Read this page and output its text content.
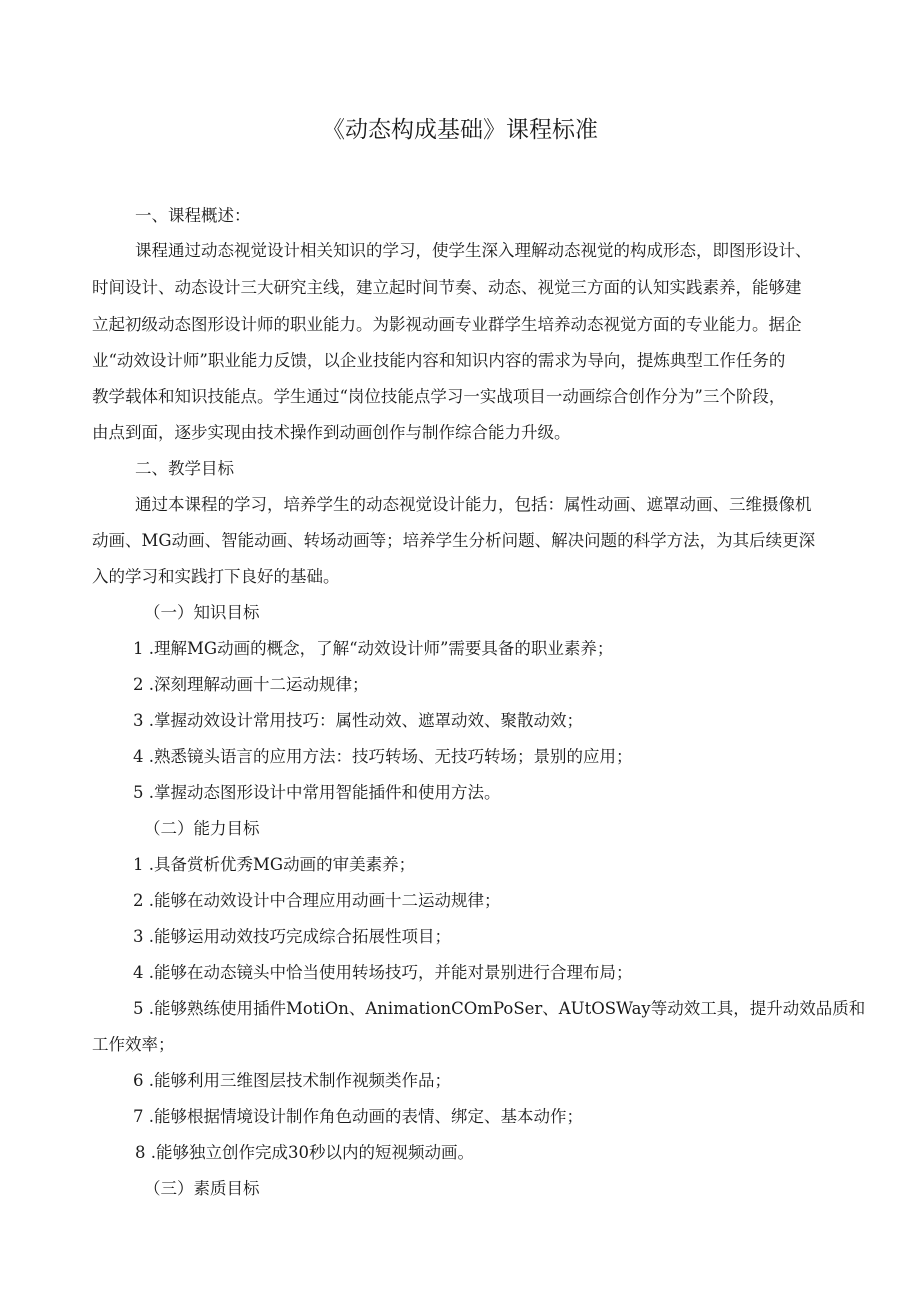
《动态构成基础》课程标准

一、课程概述：

课程通过动态视觉设计相关知识的学习，使学生深入理解动态视觉的构成形态，即图形设计、

时间设计、动态设计三大研究主线，建立起时间节奏、动态、视觉三方面的认知实践素养，能够建

立起初级动态图形设计师的职业能力。为影视动画专业群学生培养动态视觉方面的专业能力。据企

业“动效设计师”职业能力反馈，以企业技能内容和知识内容的需求为导向，提炼典型工作任务的

教学载体和知识技能点。学生通过“岗位技能点学习一实战项目一动画综合创作分为”三个阶段，

由点到面，逐步实现由技术操作到动画创作与制作综合能力升级。

二、教学目标

通过本课程的学习，培养学生的动态视觉设计能力，包括：属性动画、遮罩动画、三维摄像机

动画、MG动画、智能动画、转场动画等；培养学生分析问题、解决问题的科学方法，为其后续更深

入的学习和实践打下良好的基础。

（一）知识目标

1 .理解MG动画的概念，了解“动效设计师”需要具备的职业素养；

2 .深刻理解动画十二运动规律；

3 .掌握动效设计常用技巧：属性动效、遮罩动效、聚散动效；

4 .熟悉镜头语言的应用方法：技巧转场、无技巧转场；景别的应用；

5 .掌握动态图形设计中常用智能插件和使用方法。

（二）能力目标

1 .具备赏析优秀MG动画的审美素养；

2 .能够在动效设计中合理应用动画十二运动规律；

3 .能够运用动效技巧完成综合拓展性项目；

4 .能够在动态镜头中恰当使用转场技巧，并能对景别进行合理布局；

5 .能够熟练使用插件MotiOn、AnimationCOmPoSer、AUtOSWay等动效工具，提升动效品质和

工作效率；

6 .能够利用三维图层技术制作视频类作品；

7 .能够根据情境设计制作角色动画的表情、绑定、基本动作；

8 .能够独立创作完成30秒以内的短视频动画。

（三）素质目标
